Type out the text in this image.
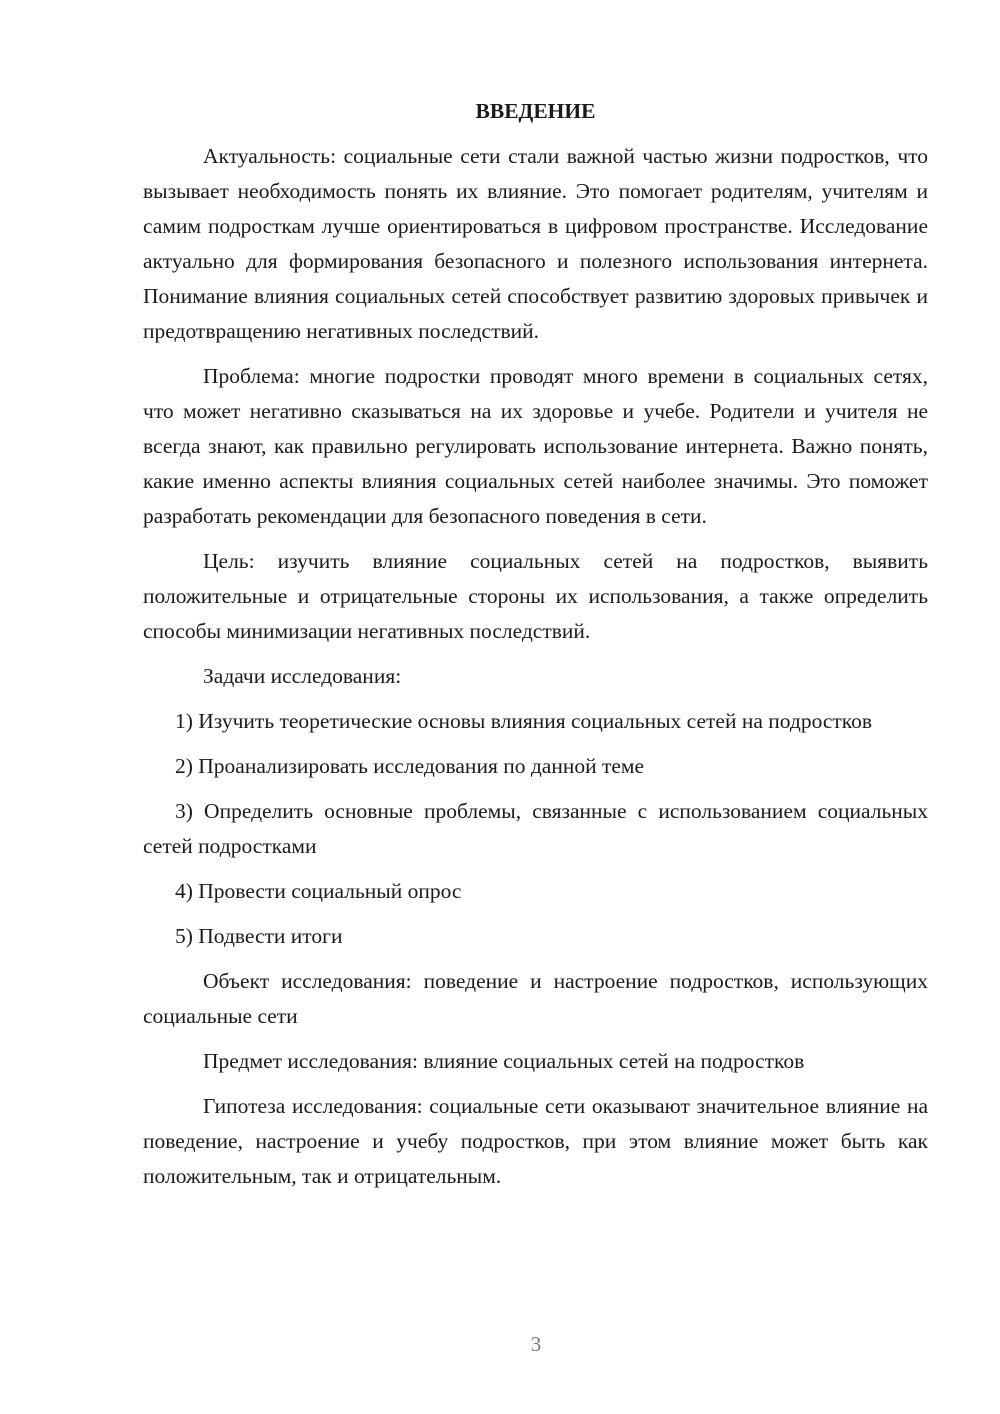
ВВЕДЕНИЕ

Актуальность: социальные сети стали важной частью жизни подростков, что вызывает необходимость понять их влияние. Это помогает родителям, учителям и самим подросткам лучше ориентироваться в цифровом пространстве. Исследование актуально для формирования безопасного и полезного использования интернета. Понимание влияния социальных сетей способствует развитию здоровых привычек и предотвращению негативных последствий.

Проблема: многие подростки проводят много времени в социальных сетях, что может негативно сказываться на их здоровье и учебе. Родители и учителя не всегда знают, как правильно регулировать использование интернета. Важно понять, какие именно аспекты влияния социальных сетей наиболее значимы. Это поможет разработать рекомендации для безопасного поведения в сети.

Цель: изучить влияние социальных сетей на подростков, выявить положительные и отрицательные стороны их использования, а также определить способы минимизации негативных последствий.

Задачи исследования:

1) Изучить теоретические основы влияния социальных сетей на подростков

2) Проанализировать исследования по данной теме

3) Определить основные проблемы, связанные с использованием социальных сетей подростками

4) Провести социальный опрос

5) Подвести итоги

Объект исследования: поведение и настроение подростков, использующих социальные сети

Предмет исследования: влияние социальных сетей на подростков

Гипотеза исследования: социальные сети оказывают значительное влияние на поведение, настроение и учебу подростков, при этом влияние может быть как положительным, так и отрицательным.

3
